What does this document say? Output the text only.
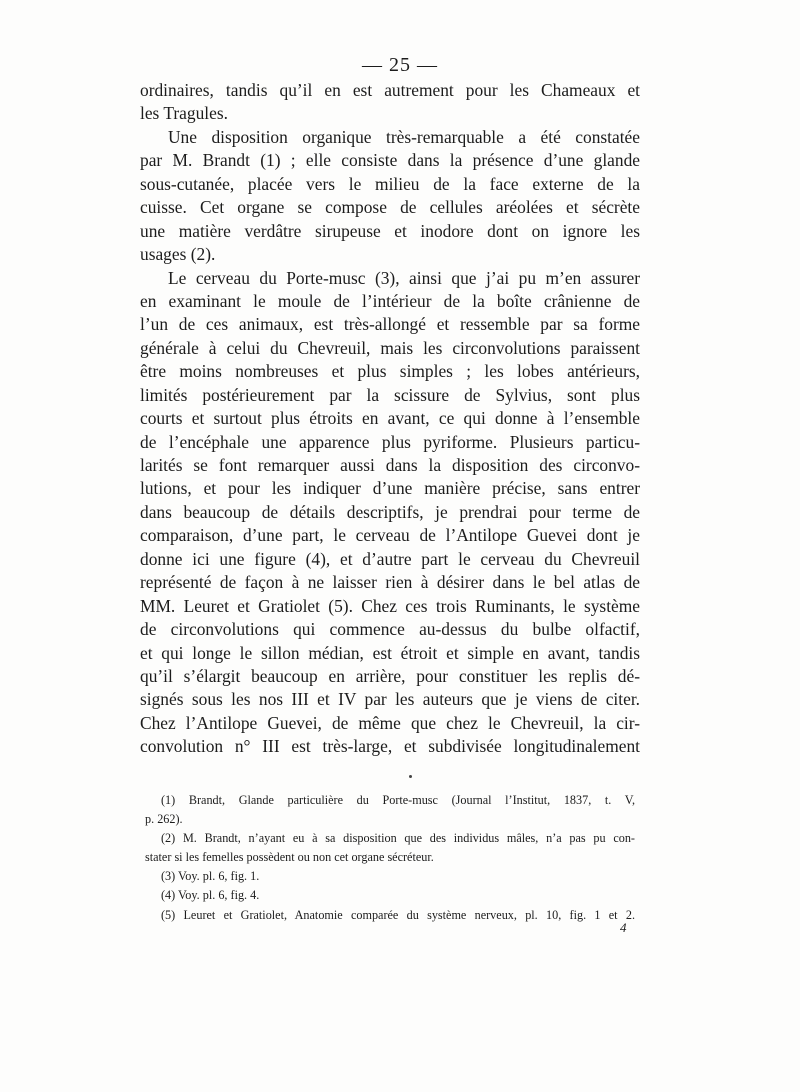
— 25 —
ordinaires, tandis qu’il en est autrement pour les Chameaux et
les Tragules.
Une disposition organique très-remarquable a été constatée
par M. Brandt (1) ; elle consiste dans la présence d’une glande
sous-cutanée, placée vers le milieu de la face externe de la
cuisse. Cet organe se compose de cellules aréolées et sécrète
une matière verdâtre sirupeuse et inodore dont on ignore les
usages (2).
Le cerveau du Porte-musc (3), ainsi que j’ai pu m’en assurer
en examinant le moule de l’intérieur de la boîte crânienne de
l’un de ces animaux, est très-allongé et ressemble par sa forme
générale à celui du Chevreuil, mais les circonvolutions paraissent
être moins nombreuses et plus simples ; les lobes antérieurs,
limités postérieurement par la scissure de Sylvius, sont plus
courts et surtout plus étroits en avant, ce qui donne à l’ensemble
de l’encéphale une apparence plus pyriforme. Plusieurs particu-
larités se font remarquer aussi dans la disposition des circonvo-
lutions, et pour les indiquer d’une manière précise, sans entrer
dans beaucoup de détails descriptifs, je prendrai pour terme de
comparaison, d’une part, le cerveau de l’Antilope Guevei dont je
donne ici une figure (4), et d’autre part le cerveau du Chevreuil
représenté de façon à ne laisser rien à désirer dans le bel atlas de
MM. Leuret et Gratiolet (5). Chez ces trois Ruminants, le système
de circonvolutions qui commence au-dessus du bulbe olfactif,
et qui longe le sillon médian, est étroit et simple en avant, tandis
qu’il s’élargit beaucoup en arrière, pour constituer les replis dé-
signés sous les nos III et IV par les auteurs que je viens de citer.
Chez l’Antilope Guevei, de même que chez le Chevreuil, la cir-
convolution n° III est très-large, et subdivisée longitudinalement
(1) Brandt, Glande particulière du Porte-musc (Journal l’Institut, 1837, t. V,
p. 262).
(2) M. Brandt, n’ayant eu à sa disposition que des individus mâles, n’a pas pu con-
stater si les femelles possèdent ou non cet organe sécréteur.
(3) Voy. pl. 6, fig. 1.
(4) Voy. pl. 6, fig. 4.
(5) Leuret et Gratiolet, Anatomie comparée du système nerveux, pl. 10, fig. 1 et 2.
4
